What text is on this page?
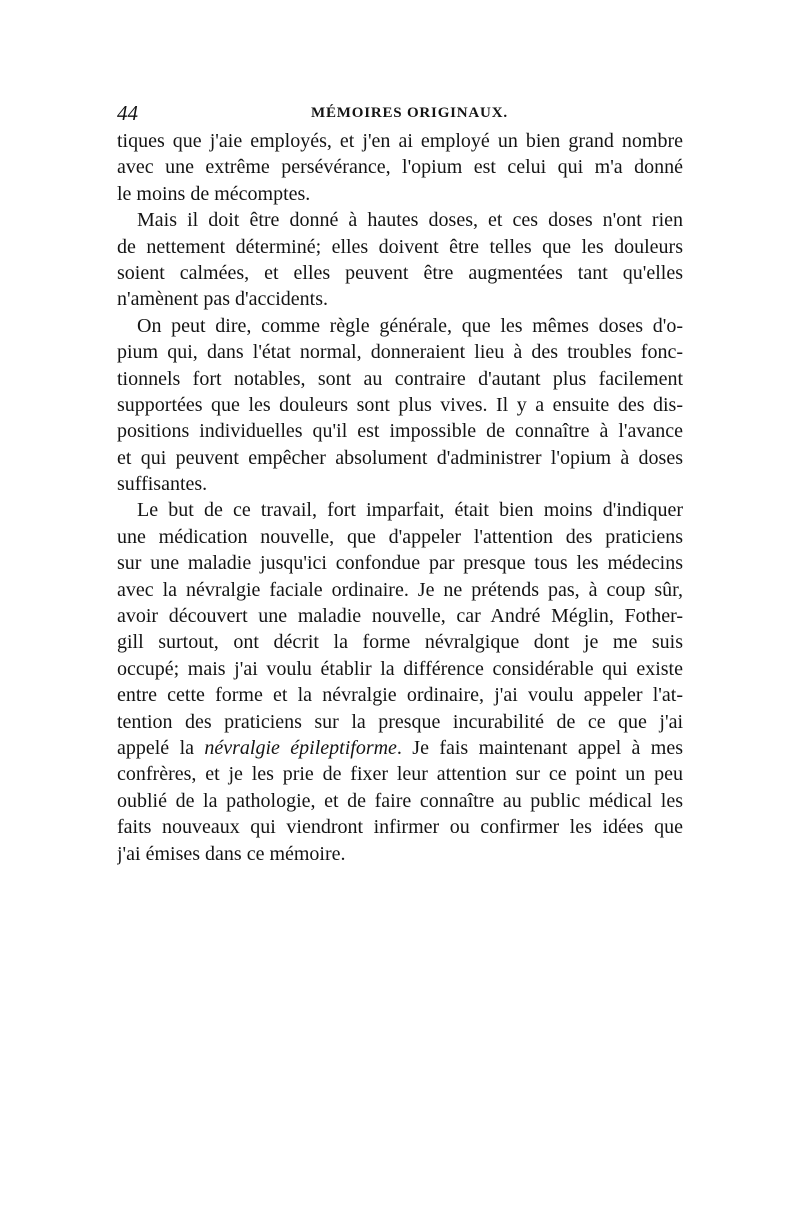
44	MÉMOIRES ORIGINAUX.

tiques que j'aie employés, et j'en ai employé un bien grand nombre
avec une extrême persévérance, l'opium est celui qui m'a donné
le moins de mécomptes.

Mais il doit être donné à hautes doses, et ces doses n'ont rien
de nettement déterminé; elles doivent être telles que les douleurs
soient calmées, et elles peuvent être augmentées tant qu'elles
n'amènent pas d'accidents.

On peut dire, comme règle générale, que les mêmes doses d'o-
pium qui, dans l'état normal, donneraient lieu à des troubles fonc-
tionnels fort notables, sont au contraire d'autant plus facilement
supportées que les douleurs sont plus vives. Il y a ensuite des dis-
positions individuelles qu'il est impossible de connaître à l'avance
et qui peuvent empêcher absolument d'administrer l'opium à doses
suffisantes.

Le but de ce travail, fort imparfait, était bien moins d'indiquer
une médication nouvelle, que d'appeler l'attention des praticiens
sur une maladie jusqu'ici confondue par presque tous les médecins
avec la névralgie faciale ordinaire. Je ne prétends pas, à coup sûr,
avoir découvert une maladie nouvelle, car André Méglin, Fother-
gill surtout, ont décrit la forme névralgique dont je me suis
occupé; mais j'ai voulu établir la différence considérable qui existe
entre cette forme et la névralgie ordinaire, j'ai voulu appeler l'at-
tention des praticiens sur la presque incurabilité de ce que j'ai
appelé la névralgie épileptiforme. Je fais maintenant appel à mes
confrères, et je les prie de fixer leur attention sur ce point un peu
oublié de la pathologie, et de faire connaître au public médical les
faits nouveaux qui viendront infirmer ou confirmer les idées que
j'ai émises dans ce mémoire.
